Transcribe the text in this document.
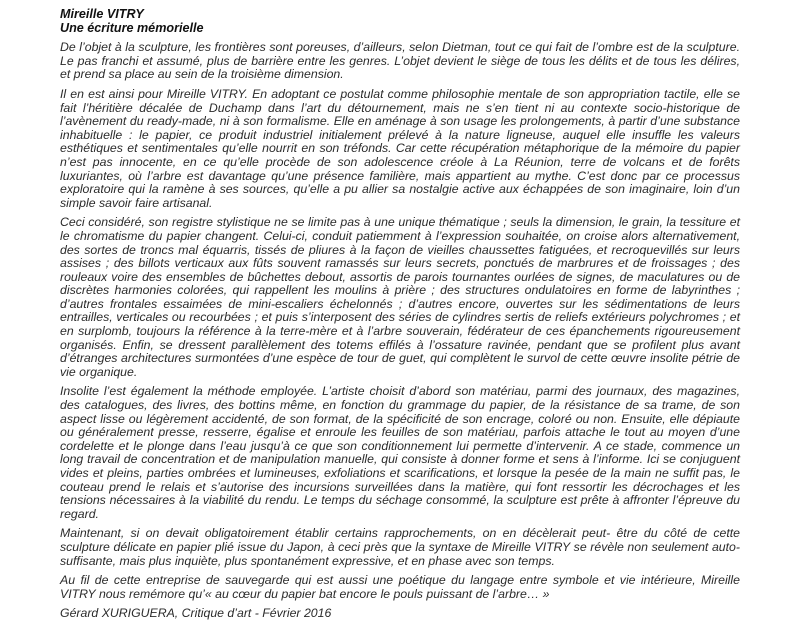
Mireille VITRY
Une écriture mémorielle

De l’objet à la sculpture, les frontières sont poreuses, d’ailleurs, selon Dietman, tout ce qui fait de l’ombre est de la sculpture. Le pas franchi et assumé, plus de barrière entre les genres. L’objet devient le siège de tous les délits et de tous les délires, et prend sa place au sein de la troisième dimension.

Il en est ainsi pour Mireille VITRY. En adoptant ce postulat comme philosophie mentale de son appropriation tactile, elle se fait l’héritière décalée de Duchamp dans l’art du détournement, mais ne s’en tient ni au contexte socio-historique de l’avènement du ready-made, ni à son formalisme. Elle en aménage à son usage les prolongements, à partir d’une substance inhabituelle : le papier, ce produit industriel initialement prélevé à la nature ligneuse, auquel elle insuffle les valeurs esthétiques et sentimentales qu’elle nourrit en son tréfonds. Car cette récupération métaphorique de la mémoire du papier n’est pas innocente, en ce qu’elle procède de son adolescence créole à La Réunion, terre de volcans et de forêts luxuriantes, où l’arbre est davantage qu’une présence familière, mais appartient au mythe. C’est donc par ce processus exploratoire qui la ramène à ses sources, qu’elle a pu allier sa nostalgie active aux échappées de son imaginaire, loin d’un simple savoir faire artisanal.

Ceci considéré, son registre stylistique ne se limite pas à une unique thématique ; seuls la dimension, le grain, la tessiture et le chromatisme du papier changent. Celui-ci, conduit patiemment à l’expression souhaitée, on croise alors alternativement, des sortes de troncs mal équarris, tissés de pliures à la façon de vieilles chaussettes fatiguées, et recroquevillés sur leurs assises ; des billots verticaux aux fûts souvent ramassés sur leurs secrets, ponctués de marbrures et de froissages ; des rouleaux voire des ensembles de bûchettes debout, assortis de parois tournantes ourlées de signes, de maculatures ou de discrètes harmonies colorées, qui rappellent les moulins à prière ; des structures ondulatoires en forme de labyrinthes ; d’autres frontales essaimées de mini-escaliers échelonnés ; d’autres encore, ouvertes sur les sédimentations de leurs entrailles, verticales ou recourbées ; et puis s’interposent des séries de cylindres sertis de reliefs extérieurs polychromes ; et en surplomb, toujours la référence à la terre-mère et à l’arbre souverain, fédérateur de ces épanchements rigoureusement organisés. Enfin, se dressent parallèlement des totems effilés à l’ossature ravinée, pendant que se profilent plus avant d’étranges architectures surmontées d’une espèce de tour de guet, qui complètent le survol de cette œuvre insolite pétrie de vie organique.

Insolite l’est également la méthode employée. L’artiste choisit d’abord son matériau, parmi des journaux, des magazines, des catalogues, des livres, des bottins même, en fonction du grammage du papier, de la résistance de sa trame, de son aspect lisse ou légèrement accidenté, de son format, de la spécificité de son encrage, coloré ou non. Ensuite, elle dépiaute ou généralement presse, resserre, égalise et enroule les feuilles de son matériau, parfois attache le tout au moyen d’une cordelette et le plonge dans l’eau jusqu’à ce que son conditionnement lui permette d’intervenir. A ce stade, commence un long travail de concentration et de manipulation manuelle, qui consiste à donner forme et sens à l’informe. Ici se conjuguent vides et pleins, parties ombrées et lumineuses, exfoliations et scarifications, et lorsque la pesée de la main ne suffit pas, le couteau prend le relais et s’autorise des incursions surveillées dans la matière, qui font ressortir les décrochages et les tensions nécessaires à la viabilité du rendu. Le temps du séchage consommé, la sculpture est prête à affronter l’épreuve du regard.

Maintenant, si on devait obligatoirement établir certains rapprochements, on en décèlerait peut- être du côté de cette sculpture délicate en papier plié issue du Japon, à ceci près que la syntaxe de Mireille VITRY se révèle non seulement auto-suffisante, mais plus inquiète, plus spontanément expressive, et en phase avec son temps.

Au fil de cette entreprise de sauvegarde qui est aussi une poétique du langage entre symbole et vie intérieure, Mireille VITRY nous remémore qu’« au cœur du papier bat encore le pouls puissant de l’arbre… »

Gérard XURIGUERA, Critique d’art - Février 2016
